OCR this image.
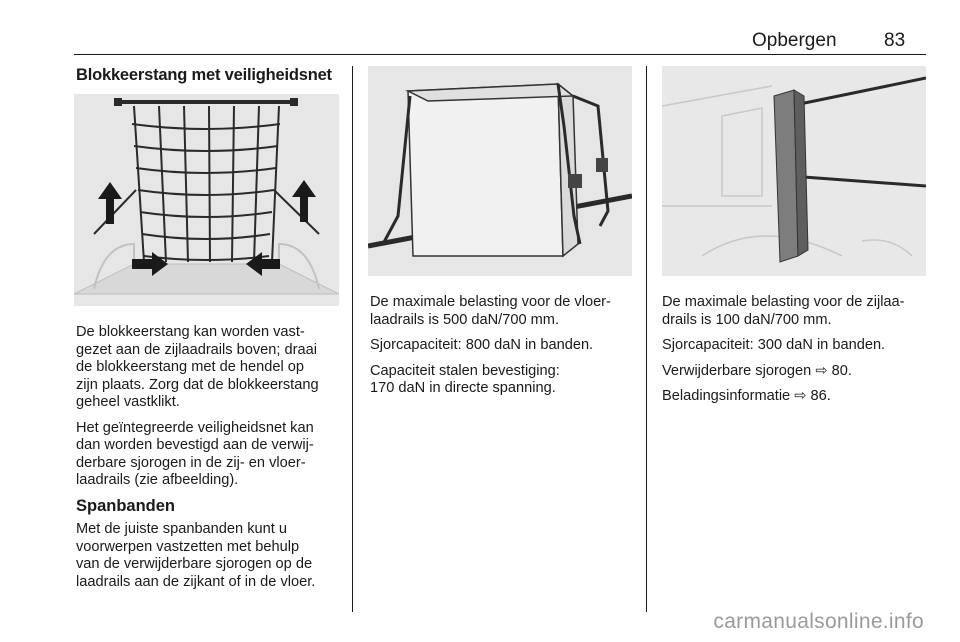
Opbergen 83
Blokkeerstang met veiligheidsnet

De blokkeerstang kan worden vast-
gezet aan de zijlaadrails boven; draai
de blokkeerstang met de hendel op
zijn plaats. Zorg dat de blokkeerstang
geheel vastklikt.

Het geïntegreerde veiligheidsnet kan
dan worden bevestigd aan de verwij-
derbare sjorogen in de zij- en vloer-
laadrails (zie afbeelding).

Spanbanden

Met de juiste spanbanden kunt u
voorwerpen vastzetten met behulp
van de verwijderbare sjorogen op de
laadrails aan de zijkant of in de vloer.

De maximale belasting voor de vloer-
laadrails is 500 daN/700 mm.

Sjorcapaciteit: 800 daN in banden.

Capaciteit stalen bevestiging:
170 daN in directe spanning.

De maximale belasting voor de zijlaa-
drails is 100 daN/700 mm.

Sjorcapaciteit: 300 daN in banden.

Verwijderbare sjorogen ⇨ 80.

Beladingsinformatie ⇨ 86.

carmanualsonline.info
